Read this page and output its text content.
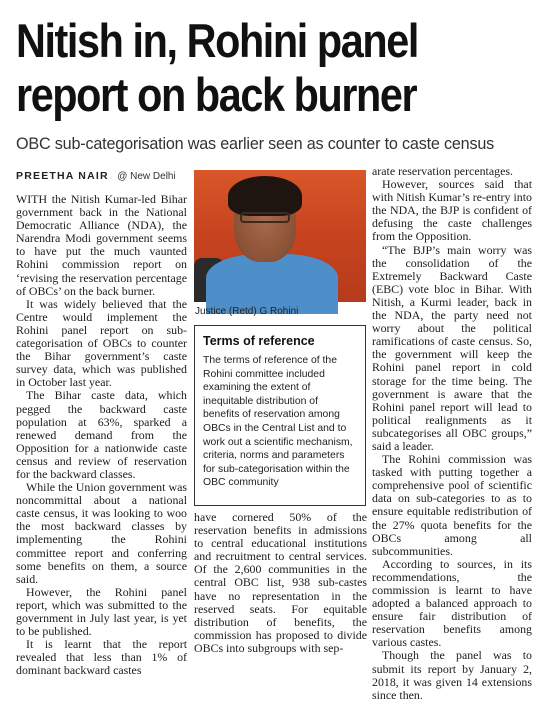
Nitish in, Rohini panel
report on back burner
OBC sub-categorisation was earlier seen as counter to caste census
PREETHA NAIR @ New Delhi

WITH the Nitish Kumar-led Bihar government back in the National Democratic Alliance (NDA), the Narendra Modi government seems to have put the much vaunted Rohini commission report on ‘revising the reservation percentage of OBCs’ on the back burner.

It was widely believed that the Centre would implement the Rohini panel report on sub-categorisation of OBCs to counter the Bihar government’s caste survey data, which was published in October last year.

The Bihar caste data, which pegged the backward caste population at 63%, sparked a renewed demand from the Opposition for a nationwide caste census and review of reservation for the backward classes.

While the Union government was noncommittal about a national caste census, it was looking to woo the most backward classes by implementing the Rohini committee report and conferring some benefits on them, a source said.

However, the Rohini panel report, which was submitted to the government in July last year, is yet to be published.

It is learnt that the report revealed that less than 1% of dominant backward castes

Justice (Retd) G Rohini
Terms of reference
The terms of reference of the Rohini committee included examining the extent of inequitable distribution of benefits of reservation among OBCs in the Central List and to work out a scientific mechanism, criteria, norms and parameters for sub-categorisation within the OBC community

have cornered 50% of the reservation benefits in admissions to central educational institutions and recruitment to central services. Of the 2,600 communities in the central OBC list, 938 sub-castes have no representation in the reserved seats. For equitable distribution of benefits, the commission has proposed to divide OBCs into subgroups with sep-

arate reservation percentages.

However, sources said that with Nitish Kumar’s re-entry into the NDA, the BJP is confident of defusing the caste challenges from the Opposition.

“The BJP’s main worry was the consolidation of the Extremely Backward Caste (EBC) vote bloc in Bihar. With Nitish, a Kurmi leader, back in the NDA, the party need not worry about the political ramifications of caste census. So, the government will keep the Rohini panel report in cold storage for the time being. The government is aware that the Rohini panel report will lead to political realignments as it subcategorises all OBC groups,” said a leader.

The Rohini commission was tasked with putting together a comprehensive pool of scientific data on sub-categories to as to ensure equitable redistribution of the 27% quota benefits for the OBCs among all subcommunities.

According to sources, in its recommendations, the commission is learnt to have adopted a balanced approach to ensure fair distribution of reservation benefits among various castes.

Though the panel was to submit its report by January 2, 2018, it was given 14 extensions since then.
